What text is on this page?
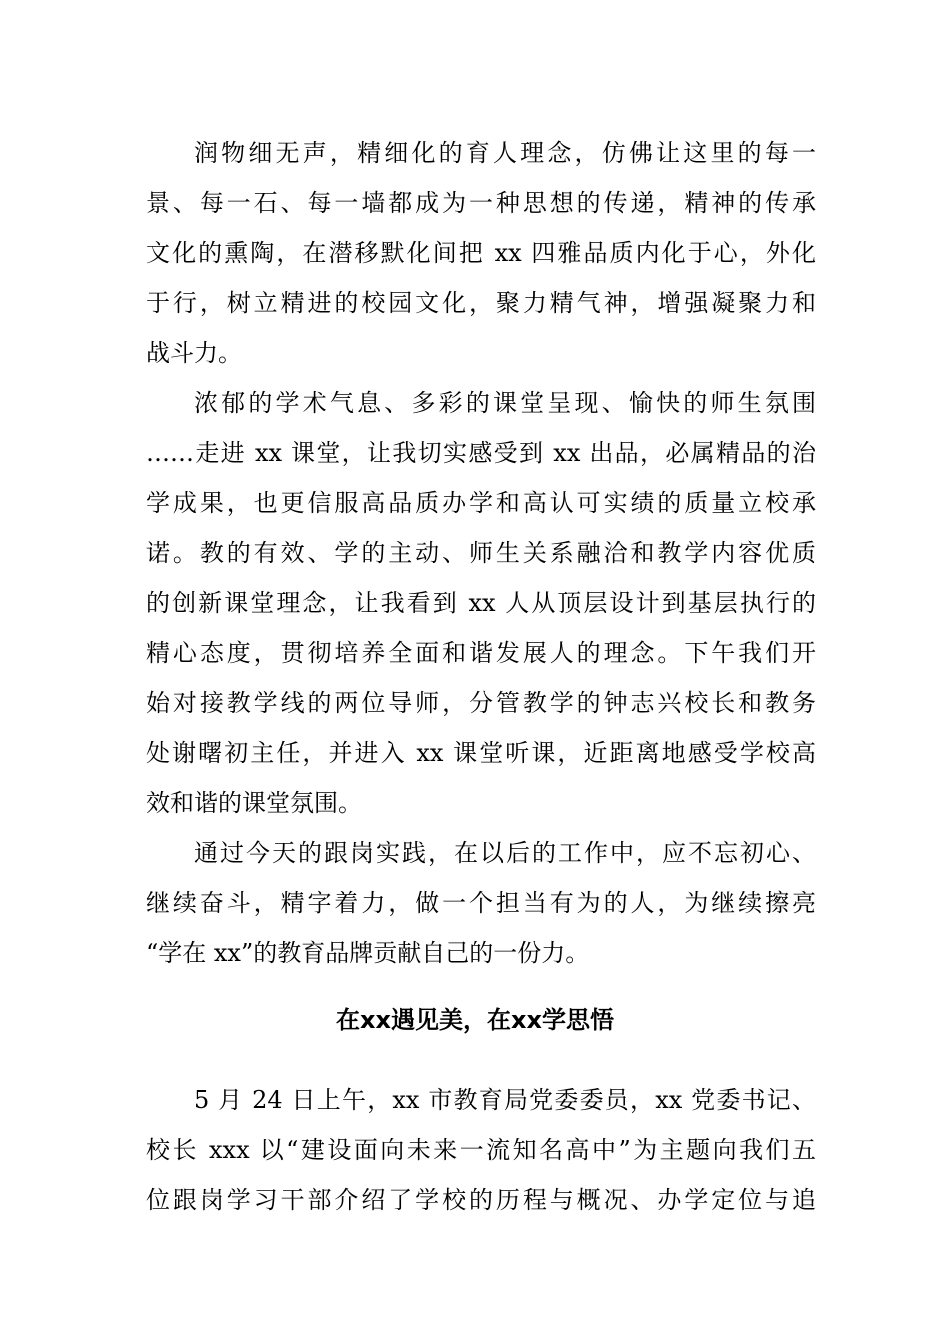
润物细无声，精细化的育人理念，仿佛让这里的每一
景、每一石、每一墙都成为一种思想的传递，精神的传承
文化的熏陶，在潜移默化间把 xx 四雅品质内化于心，外化
于行，树立精进的校园文化，聚力精气神，增强凝聚力和
战斗力。
浓郁的学术气息、多彩的课堂呈现、愉快的师生氛围
……走进 xx 课堂，让我切实感受到 xx 出品，必属精品的治
学成果，也更信服高品质办学和高认可实绩的质量立校承
诺。教的有效、学的主动、师生关系融洽和教学内容优质
的创新课堂理念，让我看到 xx 人从顶层设计到基层执行的
精心态度，贯彻培养全面和谐发展人的理念。下午我们开
始对接教学线的两位导师，分管教学的钟志兴校长和教务
处谢曙初主任，并进入 xx 课堂听课，近距离地感受学校高
效和谐的课堂氛围。
通过今天的跟岗实践，在以后的工作中，应不忘初心、
继续奋斗，精字着力，做一个担当有为的人，为继续擦亮
“学在 xx”的教育品牌贡献自己的一份力。
在xx遇见美，在xx学思悟
5 月 24 日上午，xx 市教育局党委委员，xx 党委书记、
校长 xxx 以“建设面向未来一流知名高中”为主题向我们五
位跟岗学习干部介绍了学校的历程与概况、办学定位与追
